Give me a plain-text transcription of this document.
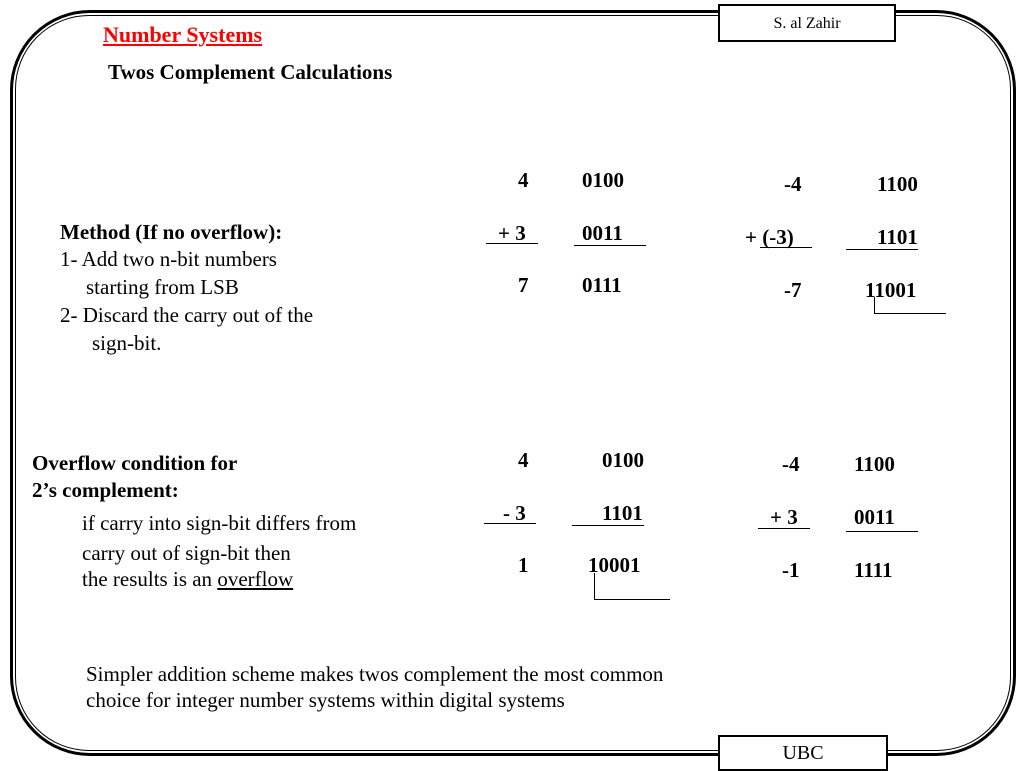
S. al Zahir
Number Systems
Twos Complement Calculations
Method (If no overflow):
1- Add two n-bit numbers
starting from LSB
2- Discard the carry out of the
sign-bit.
4	0100
+ 3	0011
7	0111
-4	1100
+ (-3)	1101
-7	11001
Overflow condition for
2’s complement:
if carry into sign-bit differs from
carry out of sign-bit then
the results is an overflow
4	0100
- 3	1101
1	10001
-4	1100
+ 3	0011
-1	1111
Simpler addition scheme makes twos complement the most common
choice for integer number systems within digital systems
UBC
